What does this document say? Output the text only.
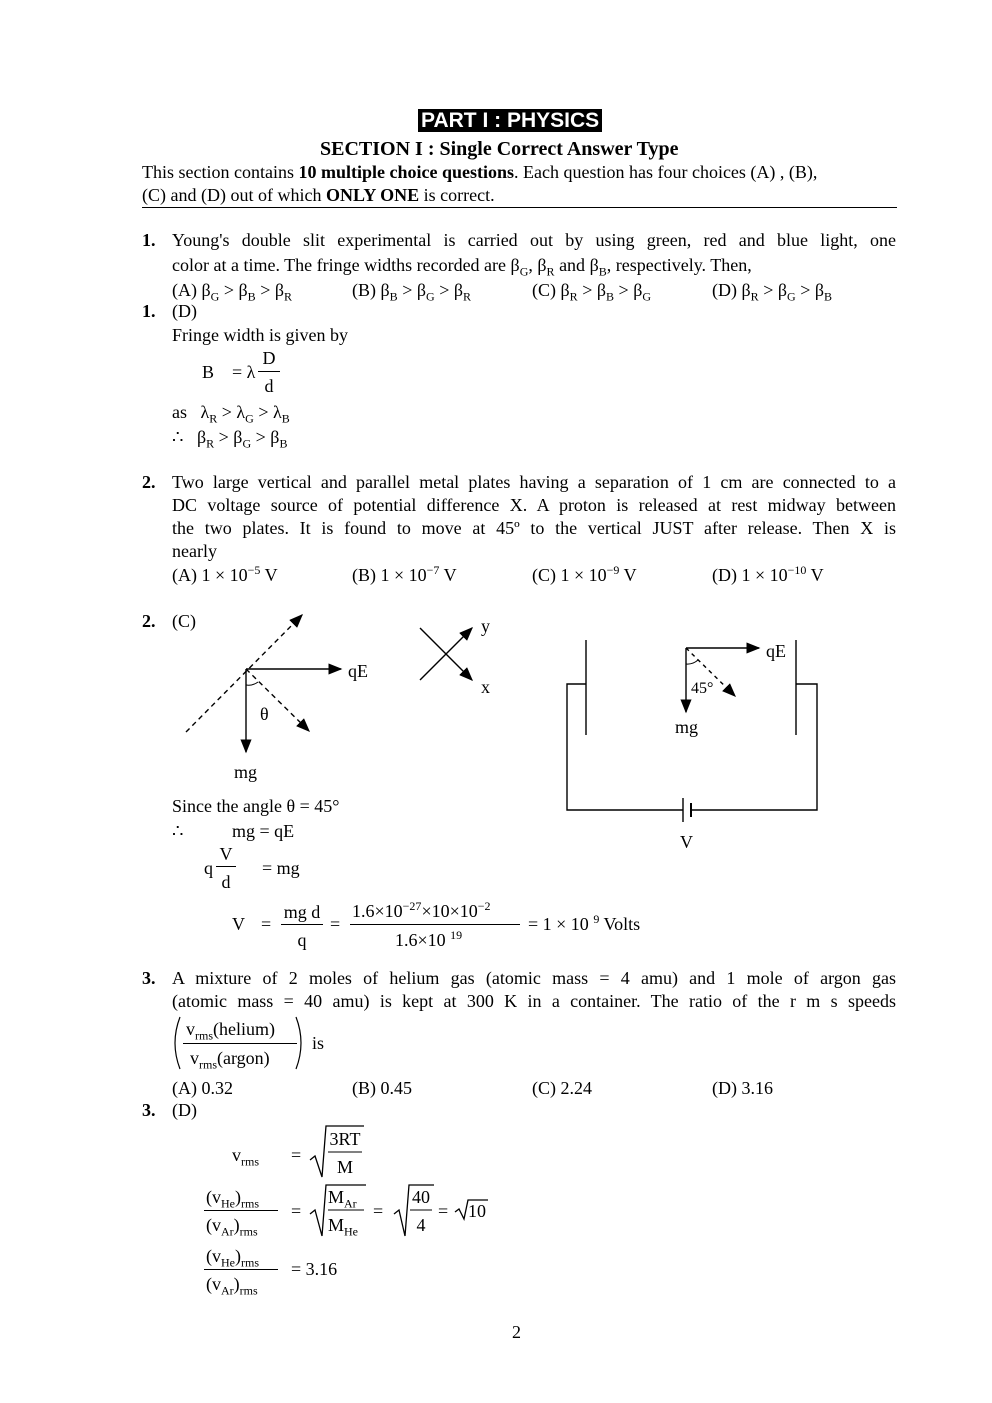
PART I : PHYSICS
SECTION I : Single Correct Answer Type
This section contains 10 multiple choice questions. Each question has four choices (A) , (B),
(C) and (D) out of which ONLY ONE is correct.
1. Young's double slit experimental is carried out by using green, red and blue light, one
color at a time. The fringe widths recorded are $\beta_G$, $\beta_R$ and $\beta_B$, respectively. Then,
(A) $\beta_G > \beta_B > \beta_R$	(B) $\beta_B > \beta_G > \beta_R$	(C) $\beta_R > \beta_B > \beta_G$	(D) $\beta_R > \beta_G > \beta_B$
1. (D)
Fringe width is given by
B = λ
D
d
as $\lambda_R > \lambda_G > \lambda_B$
∴ $\beta_R > \beta_G > \beta_B$
2. Two large vertical and parallel metal plates having a separation of 1 cm are connected to a
DC voltage source of potential difference X. A proton is released at rest midway between
the two plates. It is found to move at 45º to the vertical JUST after release. Then X is
nearly
(A) $1 \times 10^{-5}$ V	(B) $1 \times 10^{-7}$ V	(C) $1 \times 10^{-9}$ V	(D) $1 \times 10^{-10}$ V
2. (C)
qE
θ
mg
y
x
qE
45°
mg
V
Since the angle θ = 45°
∴	mg = qE
q
V
d
= mg
V =
mg d
q
=
$1.6\times 10^{-27}\times 10\times 10^{-2}$
1.6×10 $^{19}$
= 1 × 10 $^9$ Volts
3. A mixture of 2 moles of helium gas (atomic mass = 4 amu) and 1 mole of argon gas
(atomic mass = 40 amu) is kept at 300 K in a container. The ratio of the r m s speeds
$v_{rms}(helium)$
$v_{rms}(argon)$
is
(A) 0.32	(B) 0.45	(C) 2.24	(D) 3.16
3. (D)
$v_{rms}$ =
3RT
M
$(v_{He})_{rms}$
$(v_{Ar})_{rms}$
=
$M_{Ar}$
$M_{He}$
=
40
4
= 10
$(v_{He})_{rms}$
$(v_{Ar})_{rms}$
= 3.16
2
